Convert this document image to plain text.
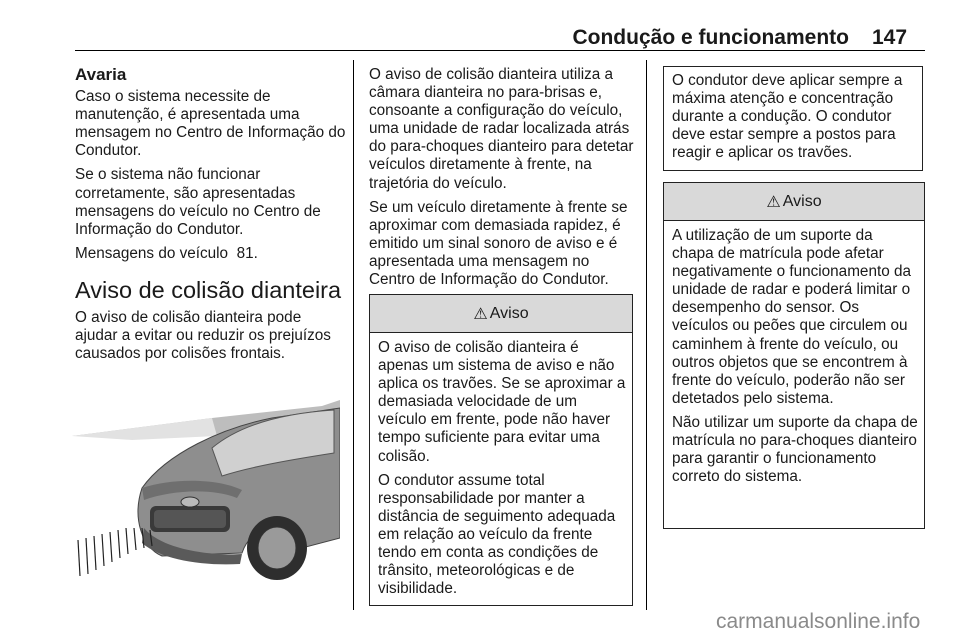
Condução e funcionamento 147
Avaria

Caso o sistema necessite de manutenção, é apresentada uma mensagem no Centro de Informação do Condutor.

Se o sistema não funcionar corretamente, são apresentadas mensagens do veículo no Centro de Informação do Condutor.

Mensagens do veículo ⁡ 81.

Aviso de colisão dianteira

O aviso de colisão dianteira pode ajudar a evitar ou reduzir os prejuízos causados por colisões frontais.

O aviso de colisão dianteira utiliza a câmara dianteira no para-brisas e, consoante a configuração do veículo, uma unidade de radar localizada atrás do para-choques dianteiro para detetar veículos diretamente à frente, na trajetória do veículo.

Se um veículo diretamente à frente se aproximar com demasiada rapidez, é emitido um sinal sonoro de aviso e é apresentada uma mensagem no Centro de Informação do Condutor.

⚠ Aviso

O aviso de colisão dianteira é apenas um sistema de aviso e não aplica os travões. Se se aproximar a demasiada velocidade de um veículo em frente, pode não haver tempo suficiente para evitar uma colisão.

O condutor assume total responsabilidade por manter a distância de seguimento adequada em relação ao veículo da frente tendo em conta as condições de trânsito, meteorológicas e de visibilidade.

O condutor deve aplicar sempre a máxima atenção e concentração durante a condução. O condutor deve estar sempre a postos para reagir e aplicar os travões.
⚠ Aviso

A utilização de um suporte da chapa de matrícula pode afetar negativamente o funcionamento da unidade de radar e poderá limitar o desempenho do sensor. Os veículos ou peões que circulem ou caminhem à frente do veículo, ou outros objetos que se encontrem à frente do veículo, poderão não ser detetados pelo sistema.

Não utilizar um suporte da chapa de matrícula no para-choques dianteiro para garantir o funcionamento correto do sistema.

carmanualsonline.info
